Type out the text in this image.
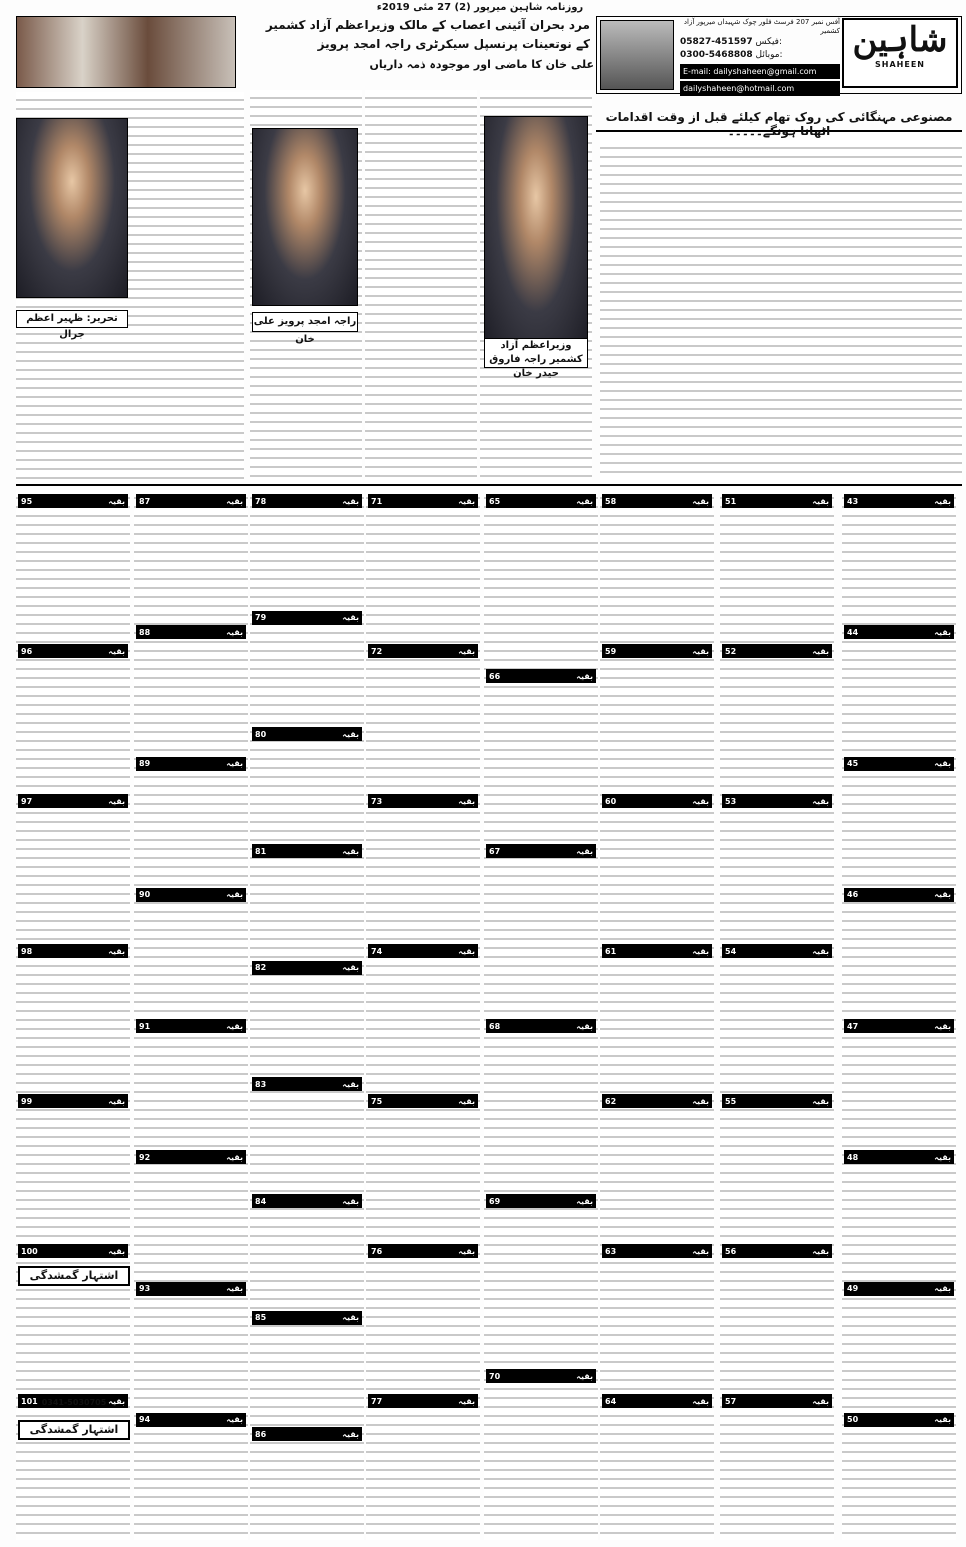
روزنامہ شاہین میرپور (2) 27 مئی 2019ء
مرد بحران آئینی اعصاب کے مالک وزیراعظم آزاد کشمیر کے نوتعینات پرنسپل سیکرٹری راجہ امجد پرویز
علی خان کا ماضی اور موجودہ ذمہ داریاں
آفس نمبر 207 فرسٹ فلور چوک شہیداں میرپور آزاد کشمیر
05827-451597 فیکس:
0300-5468808 موبائل:
E-mail: dailyshaheen@gmail.com
dailyshaheen@hotmail.com
شاہین
SHAHEEN
مصنوعی مہنگائی کی روک تھام کیلئے قبل از وقت اقدامات اٹھانا ہونگے۔۔۔۔۔
وزیراعظم آزاد کشمیر راجہ فاروق حیدر خان
راجہ امجد پرویز علی خان
تحریر: ظہیر اعظم جرال
43	بقیہ
44	بقیہ
45	بقیہ
46	بقیہ
47	بقیہ
48	بقیہ
49	بقیہ
50	بقیہ
51	بقیہ
52	بقیہ
53	بقیہ
54	بقیہ
55	بقیہ
56	بقیہ
57	بقیہ
58	بقیہ
59	بقیہ
60	بقیہ
61	بقیہ
62	بقیہ
63	بقیہ
64	بقیہ
65	بقیہ
66	بقیہ
67	بقیہ
68	بقیہ
69	بقیہ
70	بقیہ
71	بقیہ
72	بقیہ
73	بقیہ
74	بقیہ
75	بقیہ
76	بقیہ
77	بقیہ
78	بقیہ
79	بقیہ
80	بقیہ
81	بقیہ
82	بقیہ
83	بقیہ
84	بقیہ
85	بقیہ
86	بقیہ
87	بقیہ
88	بقیہ
89	بقیہ
90	بقیہ
91	بقیہ
92	بقیہ
93	بقیہ
94	بقیہ
95	بقیہ
96	بقیہ
97	بقیہ
98	بقیہ
99	بقیہ
100	بقیہ
101	بقیہ
اشتہار گمشدگی
اشتہار گمشدگی
0341-5030705
